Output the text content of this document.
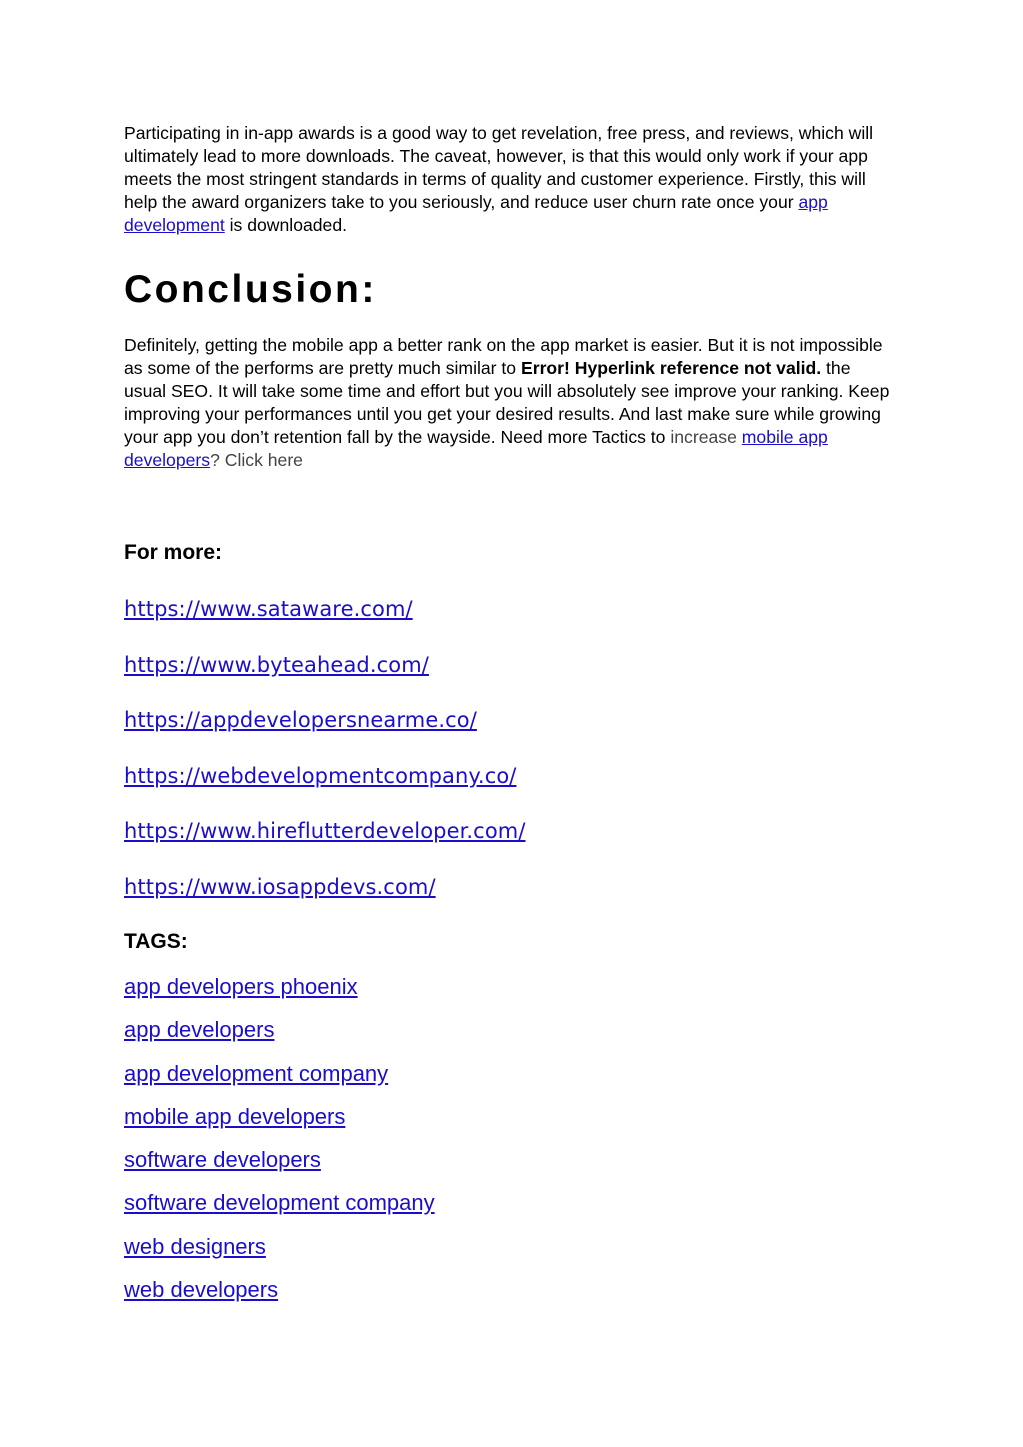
Participating in in-app awards is a good way to get revelation, free press, and reviews, which will ultimately lead to more downloads. The caveat, however, is that this would only work if your app meets the most stringent standards in terms of quality and customer experience. Firstly, this will help the award organizers take to you seriously, and reduce user churn rate once your app development is downloaded.

Conclusion:

Definitely, getting the mobile app a better rank on the app market is easier. But it is not impossible as some of the performs are pretty much similar to Error! Hyperlink reference not valid. the usual SEO. It will take some time and effort but you will absolutely see improve your ranking. Keep improving your performances until you get your desired results. And last make sure while growing your app you don’t retention fall by the wayside. Need more Tactics to increase mobile app developers? Click here

For more:
https://www.sataware.com/
https://www.byteahead.com/
https://appdevelopersnearme.co/
https://webdevelopmentcompany.co/
https://www.hireflutterdeveloper.com/
https://www.iosappdevs.com/
TAGS:
app developers phoenix
app developers
app development company
mobile app developers
software developers
software development company
web designers
web developers
